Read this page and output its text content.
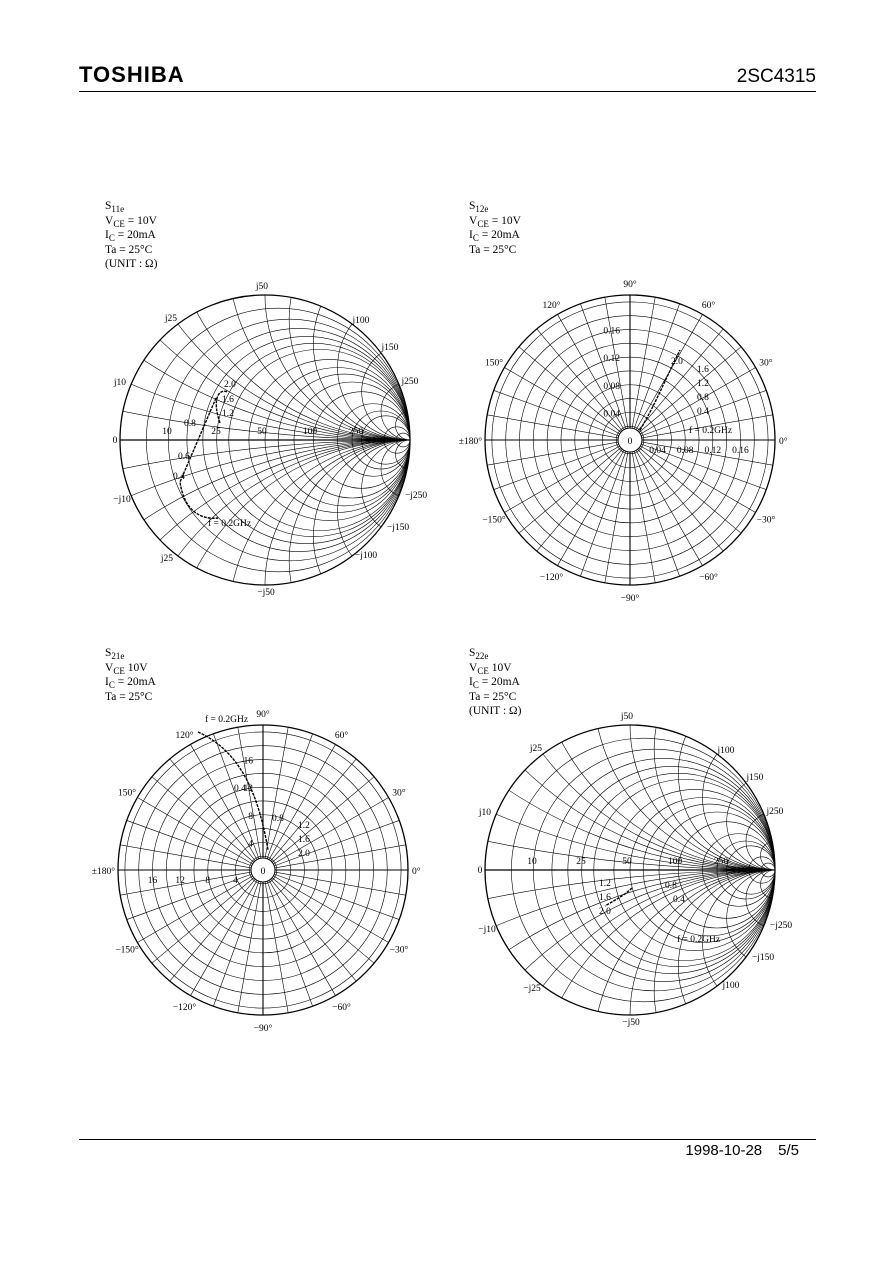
TOSHIBA	2SC4315
$S_{11e}$
$V_{CE} = 10V$
$I_C = 20mA$
Ta = 25°C
(UNIT : Ω)
j50
j25	j100
j150
j10	j250
0
10	25	50	100	250
−j10	−j250
−j150
j25	−j100
−j50
2.0
1.6
1.2
0.8
0.6
0.4
f = 0.2GHz
$S_{12e}$
$V_{CE} = 10V$
$I_C = 20mA$
Ta = 25°C
90°
60°
30°
0°
−30°
−60°
−90°
−120°
−150°
±180°
150°
120°
0.16
0.12
0.08
0.04
0.04 0.08 0.12 0.16
0
2.0
1.6
1.2
0.8
0.4
f = 0.2GHz
$S_{21e}$
$V_{CE}$ 10V
$I_C = 20mA$
Ta = 25°C
90°
60°
30°
0°
−30°
−60°
−90°
−120°
−150°
±180°
150°
120°
16
12
8
4
16 12 8 4
0
f = 0.2GHz
0.4
0.8
1.2
1.6
2.0
$S_{22e}$
$V_{CE}$ 10V
$I_C = 20mA$
Ta = 25°C
(UNIT : Ω)	j50
j25	j100
j150
j10	j250
0
10	25	50	100	250
−j10	−j250
−j150
−j25	j100
−j50
1.2
1.6
2.0
0.8
0.4
f = 0.2GHz
1998-10-28 5/5
